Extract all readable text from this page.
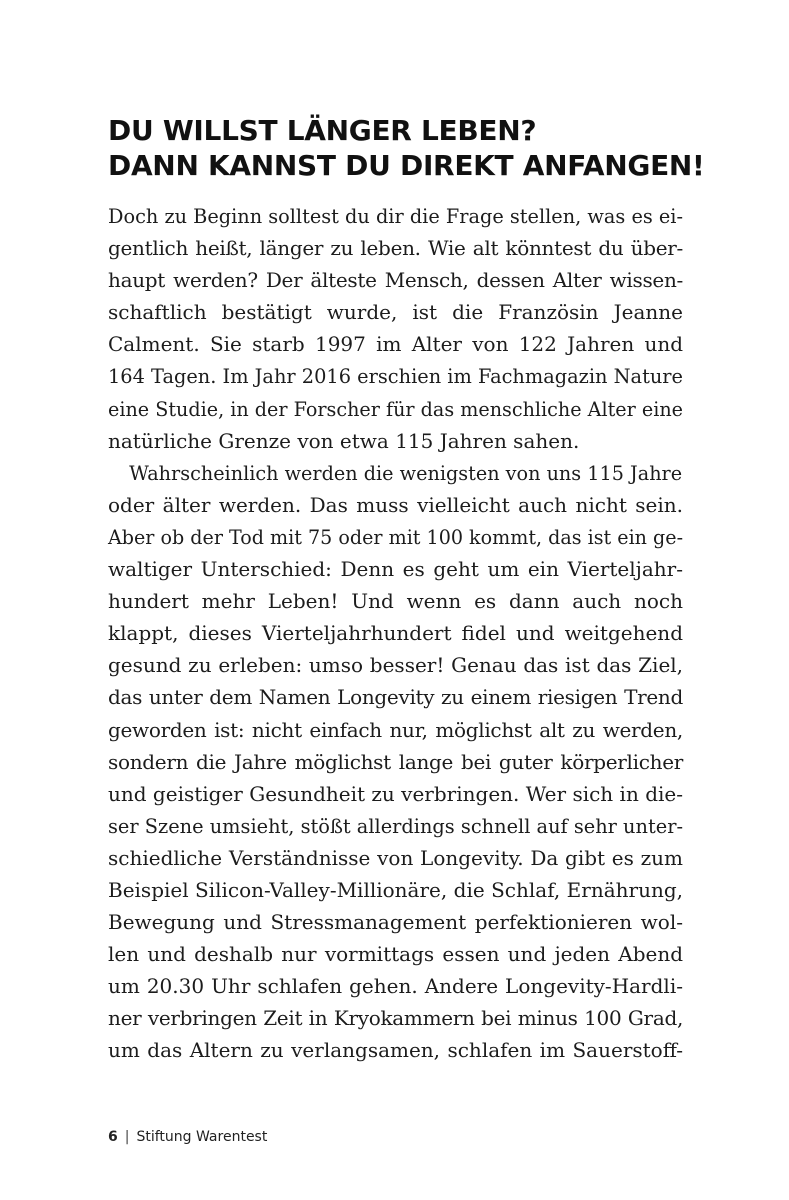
DU WILLST LÄNGER LEBEN?
DANN KANNST DU DIREKT ANFANGEN!
Doch zu Beginn solltest du dir die Frage stellen, was es ei-
gentlich heißt, länger zu leben. Wie alt könntest du über-
haupt werden? Der älteste Mensch, dessen Alter wissen-
schaftlich bestätigt wurde, ist die Französin Jeanne
Calment. Sie starb 1997 im Alter von 122 Jahren und
164 Tagen. Im Jahr 2016 erschien im Fachmagazin Nature
eine Studie, in der Forscher für das menschliche Alter eine
natürliche Grenze von etwa 115 Jahren sahen.
Wahrscheinlich werden die wenigsten von uns 115 Jahre
oder älter werden. Das muss vielleicht auch nicht sein.
Aber ob der Tod mit 75 oder mit 100 kommt, das ist ein ge-
waltiger Unterschied: Denn es geht um ein Vierteljahr-
hundert mehr Leben! Und wenn es dann auch noch
klappt, dieses Vierteljahrhundert fidel und weitgehend
gesund zu erleben: umso besser! Genau das ist das Ziel,
das unter dem Namen Longevity zu einem riesigen Trend
geworden ist: nicht einfach nur, möglichst alt zu werden,
sondern die Jahre möglichst lange bei guter körperlicher
und geistiger Gesundheit zu verbringen. Wer sich in die-
ser Szene umsieht, stößt allerdings schnell auf sehr unter-
schiedliche Verständnisse von Longevity. Da gibt es zum
Beispiel Silicon-Valley-Millionäre, die Schlaf, Ernährung,
Bewegung und Stressmanagement perfektionieren wol-
len und deshalb nur vormittags essen und jeden Abend
um 20.30 Uhr schlafen gehen. Andere Longevity-Hardli-
ner verbringen Zeit in Kryokammern bei minus 100 Grad,
um das Altern zu verlangsamen, schlafen im Sauerstoff-
6 | Stiftung Warentest
